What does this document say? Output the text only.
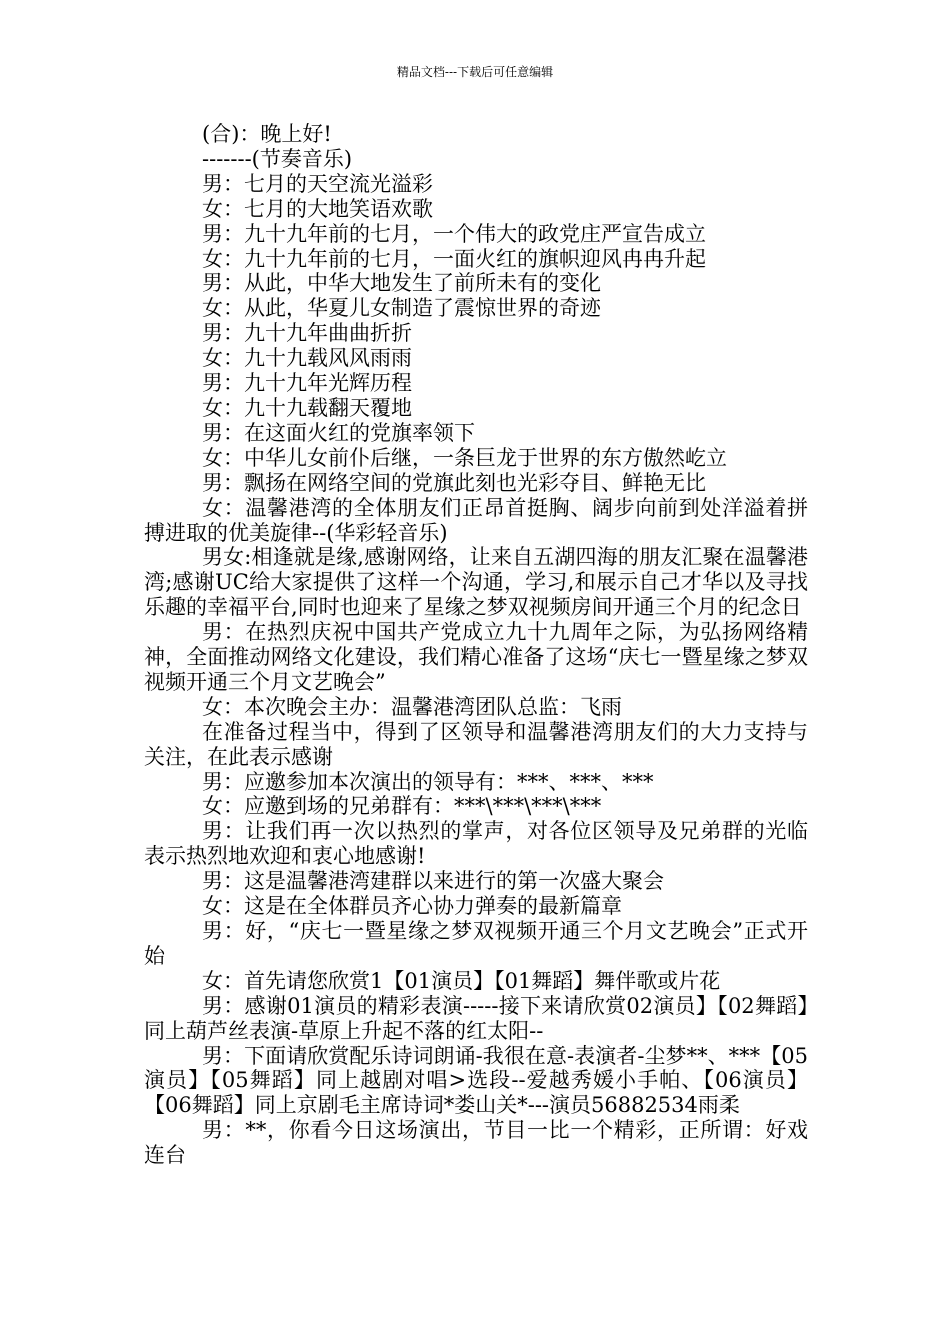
精品文档---下载后可任意编辑

(合)：晚上好!

-------(节奏音乐)

男：七月的天空流光溢彩

女：七月的大地笑语欢歌

男：九十九年前的七月，一个伟大的政党庄严宣告成立

女：九十九年前的七月，一面火红的旗帜迎风冉冉升起

男：从此，中华大地发生了前所未有的变化

女：从此，华夏儿女制造了震惊世界的奇迹

男：九十九年曲曲折折

女：九十九载风风雨雨

男：九十九年光辉历程

女：九十九载翻天覆地

男：在这面火红的党旗率领下

女：中华儿女前仆后继，一条巨龙于世界的东方傲然屹立

男：飘扬在网络空间的党旗此刻也光彩夺目、鲜艳无比

女：温馨港湾的全体朋友们正昂首挺胸、阔步向前到处洋溢着拼搏进取的优美旋律--(华彩轻音乐)

男女:相逢就是缘,感谢网络，让来自五湖四海的朋友汇聚在温馨港湾;感谢UC给大家提供了这样一个沟通，学习,和展示自己才华以及寻找乐趣的幸福平台,同时也迎来了星缘之梦双视频房间开通三个月的纪念日

男：在热烈庆祝中国共产党成立九十九周年之际，为弘扬网络精神，全面推动网络文化建设，我们精心准备了这场“庆七一暨星缘之梦双视频开通三个月文艺晚会”

女：本次晚会主办：温馨港湾团队总监：飞雨

在准备过程当中，得到了区领导和温馨港湾朋友们的大力支持与关注，在此表示感谢

男：应邀参加本次演出的领导有：***、***、***

女：应邀到场的兄弟群有：***\***\***\***

男：让我们再一次以热烈的掌声，对各位区领导及兄弟群的光临表示热烈地欢迎和衷心地感谢!

男：这是温馨港湾建群以来进行的第一次盛大聚会

女：这是在全体群员齐心协力弹奏的最新篇章

男：好，“庆七一暨星缘之梦双视频开通三个月文艺晚会”正式开始

女：首先请您欣赏1【01演员】【01舞蹈】舞伴歌或片花

男：感谢01演员的精彩表演-----接下来请欣赏02演员】【02舞蹈】同上葫芦丝表演-草原上升起不落的红太阳--

男：下面请欣赏配乐诗词朗诵-我很在意-表演者-尘梦**、***【05演员】【05舞蹈】同上越剧对唱>选段--爱越秀媛小手帕、【06演员】【06舞蹈】同上京剧毛主席诗词*娄山关*---演员56882534雨柔

男：**，你看今日这场演出，节目一比一个精彩，正所谓：好戏连台
